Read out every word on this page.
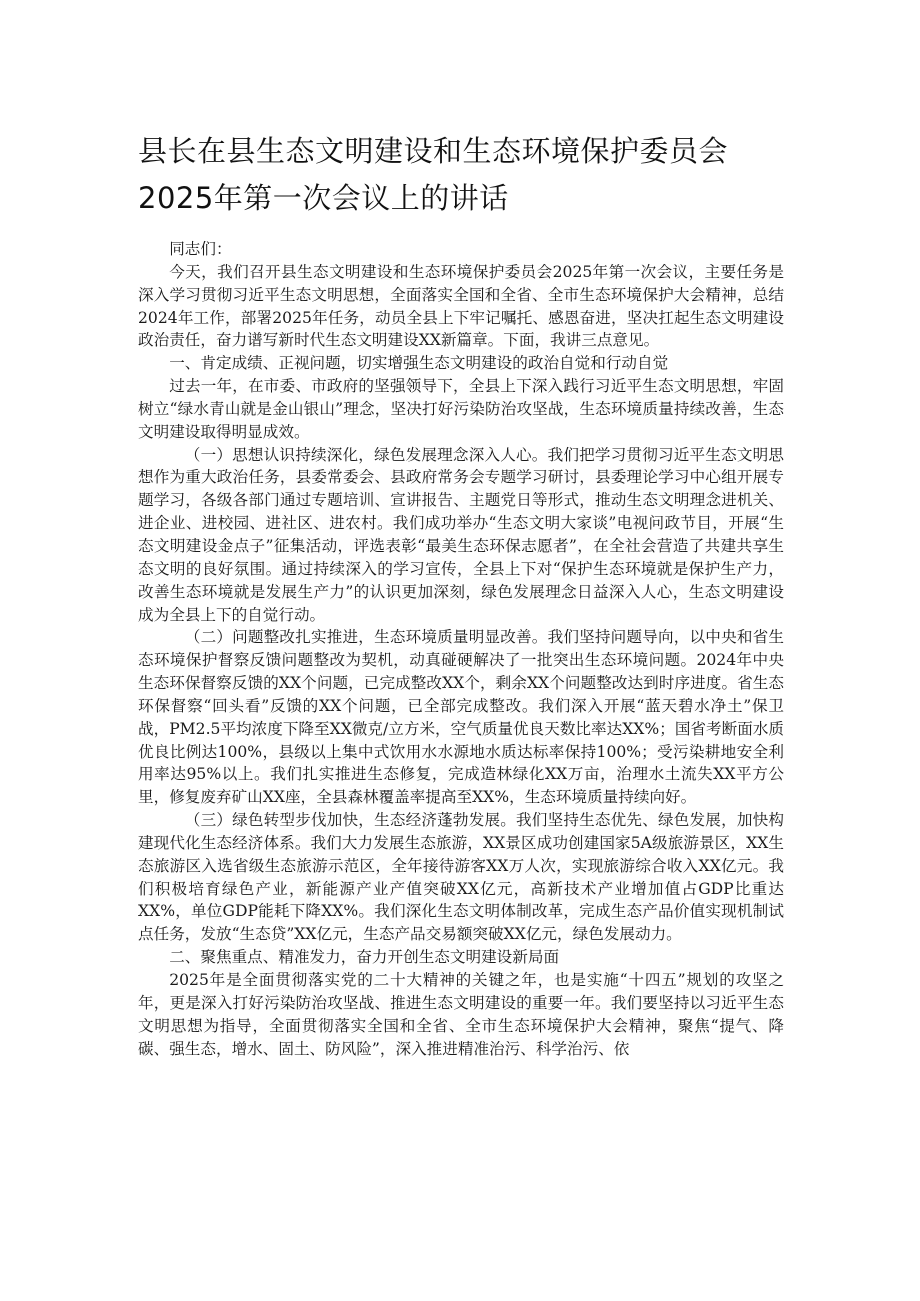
县长在县生态文明建设和生态环境保护委员会2025年第一次会议上的讲话

同志们：

今天，我们召开县生态文明建设和生态环境保护委员会2025年第一次会议，主要任务是深入学习贯彻习近平生态文明思想，全面落实全国和全省、全市生态环境保护大会精神，总结2024年工作，部署2025年任务，动员全县上下牢记嘱托、感恩奋进，坚决扛起生态文明建设政治责任，奋力谱写新时代生态文明建设XX新篇章。下面，我讲三点意见。

一、肯定成绩、正视问题，切实增强生态文明建设的政治自觉和行动自觉

过去一年，在市委、市政府的坚强领导下，全县上下深入践行习近平生态文明思想，牢固树立“绿水青山就是金山银山”理念，坚决打好污染防治攻坚战，生态环境质量持续改善，生态文明建设取得明显成效。

（一）思想认识持续深化，绿色发展理念深入人心。我们把学习贯彻习近平生态文明思想作为重大政治任务，县委常委会、县政府常务会专题学习研讨，县委理论学习中心组开展专题学习，各级各部门通过专题培训、宣讲报告、主题党日等形式，推动生态文明理念进机关、进企业、进校园、进社区、进农村。我们成功举办“生态文明大家谈”电视问政节目，开展“生态文明建设金点子”征集活动，评选表彰“最美生态环保志愿者”，在全社会营造了共建共享生态文明的良好氛围。通过持续深入的学习宣传，全县上下对“保护生态环境就是保护生产力，改善生态环境就是发展生产力”的认识更加深刻，绿色发展理念日益深入人心，生态文明建设成为全县上下的自觉行动。

（二）问题整改扎实推进，生态环境质量明显改善。我们坚持问题导向，以中央和省生态环境保护督察反馈问题整改为契机，动真碰硬解决了一批突出生态环境问题。2024年中央生态环保督察反馈的XX个问题，已完成整改XX个，剩余XX个问题整改达到时序进度。省生态环保督察“回头看”反馈的XX个问题，已全部完成整改。我们深入开展“蓝天碧水净土”保卫战，PM2.5平均浓度下降至XX微克/立方米，空气质量优良天数比率达XX%；国省考断面水质优良比例达100%，县级以上集中式饮用水水源地水质达标率保持100%；受污染耕地安全利用率达95%以上。我们扎实推进生态修复，完成造林绿化XX万亩，治理水土流失XX平方公里，修复废弃矿山XX座，全县森林覆盖率提高至XX%，生态环境质量持续向好。

（三）绿色转型步伐加快，生态经济蓬勃发展。我们坚持生态优先、绿色发展，加快构建现代化生态经济体系。我们大力发展生态旅游，XX景区成功创建国家5A级旅游景区，XX生态旅游区入选省级生态旅游示范区，全年接待游客XX万人次，实现旅游综合收入XX亿元。我们积极培育绿色产业，新能源产业产值突破XX亿元，高新技术产业增加值占GDP比重达XX%，单位GDP能耗下降XX%。我们深化生态文明体制改革，完成生态产品价值实现机制试点任务，发放“生态贷”XX亿元，生态产品交易额突破XX亿元，绿色发展动力。

二、聚焦重点、精准发力，奋力开创生态文明建设新局面

2025年是全面贯彻落实党的二十大精神的关键之年，也是实施“十四五”规划的攻坚之年，更是深入打好污染防治攻坚战、推进生态文明建设的重要一年。我们要坚持以习近平生态文明思想为指导，全面贯彻落实全国和全省、全市生态环境保护大会精神，聚焦“提气、降碳、强生态，增水、固土、防风险”，深入推进精准治污、科学治污、依
